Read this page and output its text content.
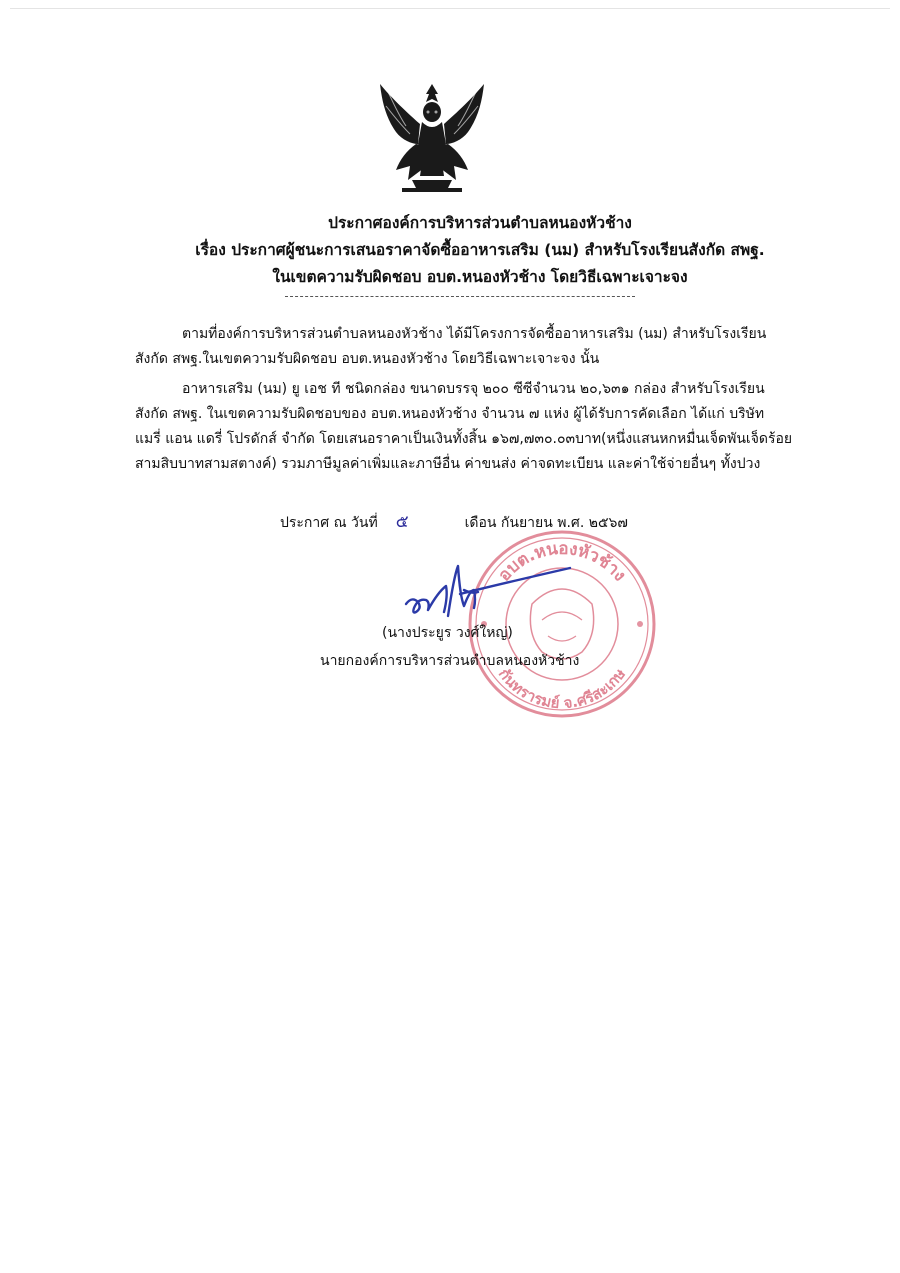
ประกาศองค์การบริหารส่วนตำบลหนองหัวช้าง
เรื่อง ประกาศผู้ชนะการเสนอราคาจัดซื้ออาหารเสริม (นม) สำหรับโรงเรียนสังกัด สพฐ.
ในเขตความรับผิดชอบ อบต.หนองหัวช้าง โดยวิธีเฉพาะเจาะจง
ตามที่องค์การบริหารส่วนตำบลหนองหัวช้าง ได้มีโครงการจัดซื้ออาหารเสริม (นม) สำหรับโรงเรียน
สังกัด สพฐ.ในเขตความรับผิดชอบ อบต.หนองหัวช้าง โดยวิธีเฉพาะเจาะจง นั้น
อาหารเสริม (นม) ยู เอช ที ชนิดกล่อง ขนาดบรรจุ ๒๐๐ ซีซีจำนวน ๒๐,๖๓๑ กล่อง สำหรับโรงเรียน
สังกัด สพฐ. ในเขตความรับผิดชอบของ อบต.หนองหัวช้าง จำนวน ๗ แห่ง ผู้ได้รับการคัดเลือก ได้แก่ บริษัท
แมรี่ แอน แดรี่ โปรดักส์ จำกัด โดยเสนอราคาเป็นเงินทั้งสิ้น ๑๖๗,๗๓๐.๐๓บาท(หนึ่งแสนหกหมื่นเจ็ดพันเจ็ดร้อย
สามสิบบาทสามสตางค์) รวมภาษีมูลค่าเพิ่มและภาษีอื่น ค่าขนส่ง ค่าจดทะเบียน และค่าใช้จ่ายอื่นๆ ทั้งปวง
ประกาศ ณ วันที่ ๕	เดือน กันยายน พ.ศ. ๒๕๖๗
อบต.หนองหัวช้าง
กันทรารมย์ จ.ศรีสะเกษ
(นางประยูร วงศ์ใหญ่)
นายกองค์การบริหารส่วนตำบลหนองหัวช้าง
